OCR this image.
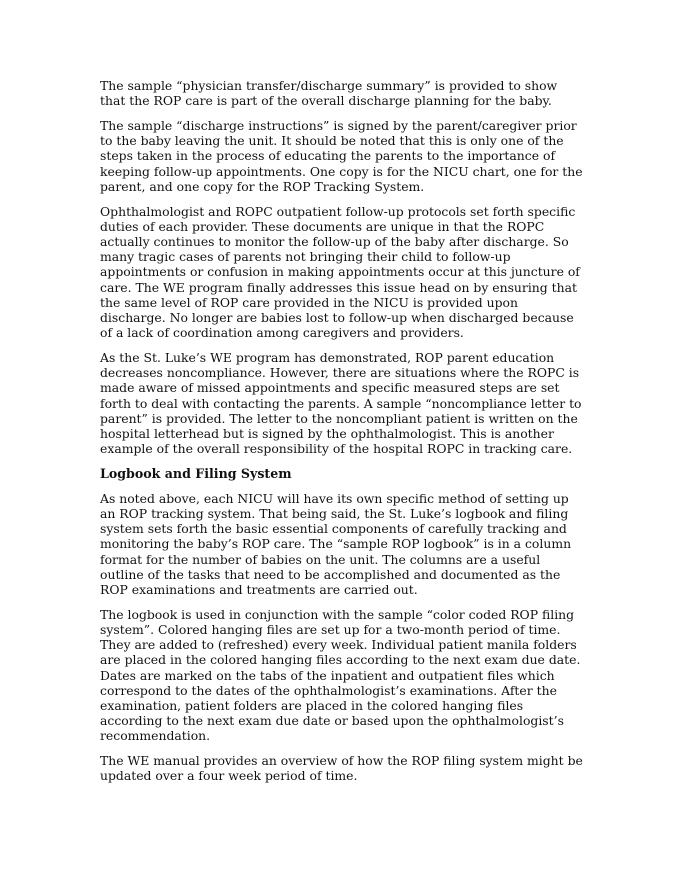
The sample “physician transfer/discharge summary” is provided to show that the ROP care is part of the overall discharge planning for the baby.

The sample “discharge instructions” is signed by the parent/caregiver prior to the baby leaving the unit. It should be noted that this is only one of the steps taken in the process of educating the parents to the importance of keeping follow-up appointments. One copy is for the NICU chart, one for the parent, and one copy for the ROP Tracking System.

Ophthalmologist and ROPC outpatient follow-up protocols set forth specific duties of each provider. These documents are unique in that the ROPC actually continues to monitor the follow-up of the baby after discharge. So many tragic cases of parents not bringing their child to follow-up appointments or confusion in making appointments occur at this juncture of care. The WE program finally addresses this issue head on by ensuring that the same level of ROP care provided in the NICU is provided upon discharge. No longer are babies lost to follow-up when discharged because of a lack of coordination among caregivers and providers.

As the St. Luke’s WE program has demonstrated, ROP parent education decreases noncompliance. However, there are situations where the ROPC is made aware of missed appointments and specific measured steps are set forth to deal with contacting the parents. A sample “noncompliance letter to parent” is provided. The letter to the noncompliant patient is written on the hospital letterhead but is signed by the ophthalmologist. This is another example of the overall responsibility of the hospital ROPC in tracking care.

Logbook and Filing System

As noted above, each NICU will have its own specific method of setting up an ROP tracking system. That being said, the St. Luke’s logbook and filing system sets forth the basic essential components of carefully tracking and monitoring the baby’s ROP care. The “sample ROP logbook” is in a column format for the number of babies on the unit. The columns are a useful outline of the tasks that need to be accomplished and documented as the ROP examinations and treatments are carried out.

The logbook is used in conjunction with the sample “color coded ROP filing system”. Colored hanging files are set up for a two-month period of time. They are added to (refreshed) every week. Individual patient manila folders are placed in the colored hanging files according to the next exam due date. Dates are marked on the tabs of the inpatient and outpatient files which correspond to the dates of the ophthalmologist’s examinations. After the examination, patient folders are placed in the colored hanging files according to the next exam due date or based upon the ophthalmologist’s recommendation.

The WE manual provides an overview of how the ROP filing system might be updated over a four week period of time.
